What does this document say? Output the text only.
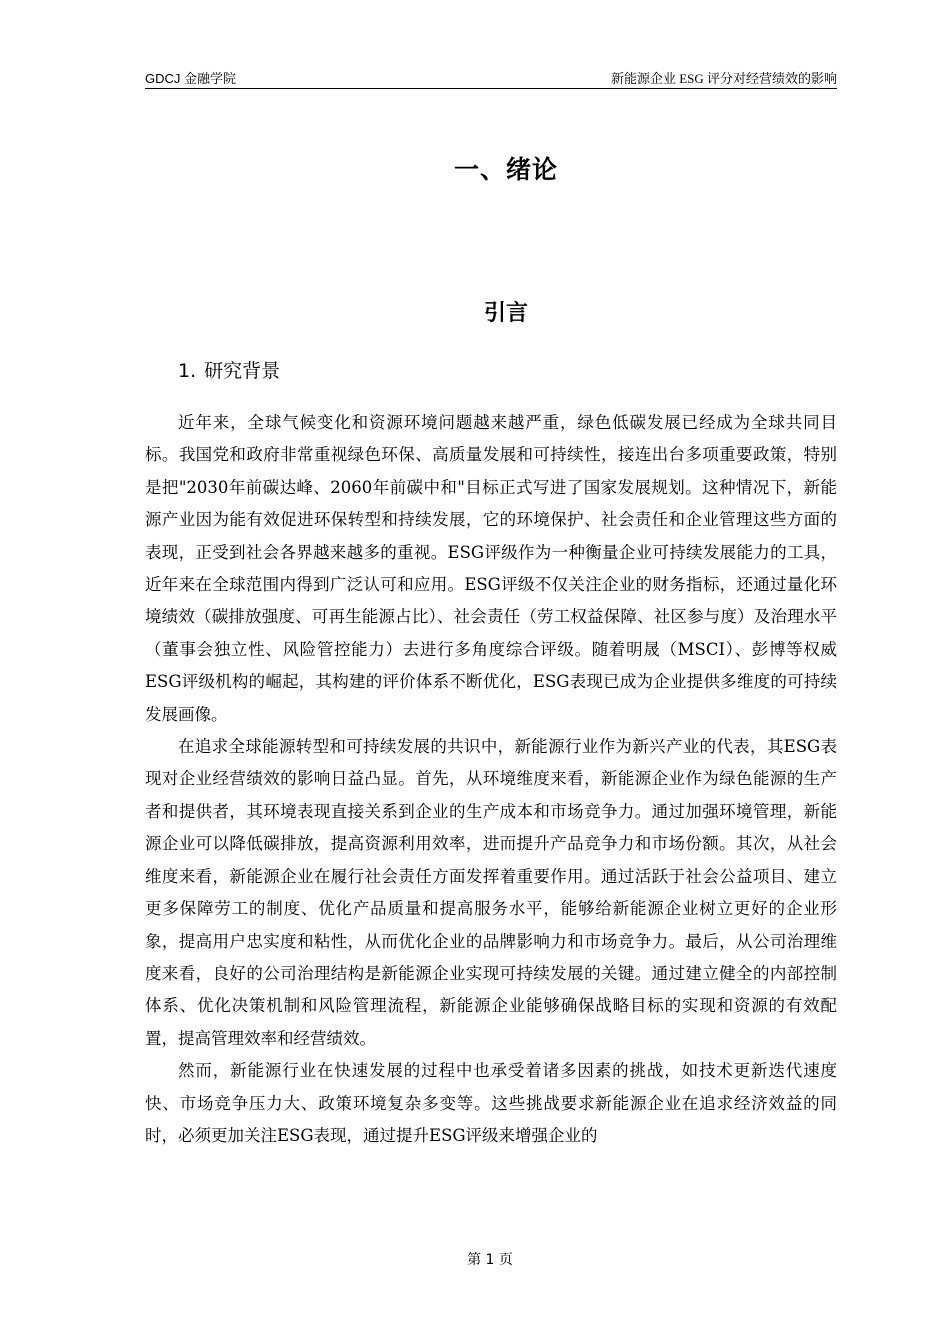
GDCJ 金融学院	新能源企业 ESG 评分对经营绩效的影响
一、绪论
引言
1. 研究背景

近年来，全球气候变化和资源环境问题越来越严重，绿色低碳发展已经成为全球共同目标。我国党和政府非常重视绿色环保、高质量发展和可持续性，接连出台多项重要政策，特别是把"2030年前碳达峰、2060年前碳中和"目标正式写进了国家发展规划。这种情况下，新能源产业因为能有效促进环保转型和持续发展，它的环境保护、社会责任和企业管理这些方面的表现，正受到社会各界越来越多的重视。ESG评级作为一种衡量企业可持续发展能力的工具，近年来在全球范围内得到广泛认可和应用。ESG评级不仅关注企业的财务指标，还通过量化环境绩效（碳排放强度、可再生能源占比）、社会责任（劳工权益保障、社区参与度）及治理水平（董事会独立性、风险管控能力）去进行多角度综合评级。随着明晟（MSCI）、彭博等权威ESG评级机构的崛起，其构建的评价体系不断优化，ESG表现已成为企业提供多维度的可持续发展画像。

在追求全球能源转型和可持续发展的共识中，新能源行业作为新兴产业的代表，其ESG表现对企业经营绩效的影响日益凸显。首先，从环境维度来看，新能源企业作为绿色能源的生产者和提供者，其环境表现直接关系到企业的生产成本和市场竞争力。通过加强环境管理，新能源企业可以降低碳排放，提高资源利用效率，进而提升产品竞争力和市场份额。其次，从社会维度来看，新能源企业在履行社会责任方面发挥着重要作用。通过活跃于社会公益项目、建立更多保障劳工的制度、优化产品质量和提高服务水平，能够给新能源企业树立更好的企业形象，提高用户忠实度和粘性，从而优化企业的品牌影响力和市场竞争力。最后，从公司治理维度来看，良好的公司治理结构是新能源企业实现可持续发展的关键。通过建立健全的内部控制体系、优化决策机制和风险管理流程，新能源企业能够确保战略目标的实现和资源的有效配置，提高管理效率和经营绩效。

然而，新能源行业在快速发展的过程中也承受着诸多因素的挑战，如技术更新迭代速度快、市场竞争压力大、政策环境复杂多变等。这些挑战要求新能源企业在追求经济效益的同时，必须更加关注ESG表现，通过提升ESG评级来增强企业的

第 1 页
